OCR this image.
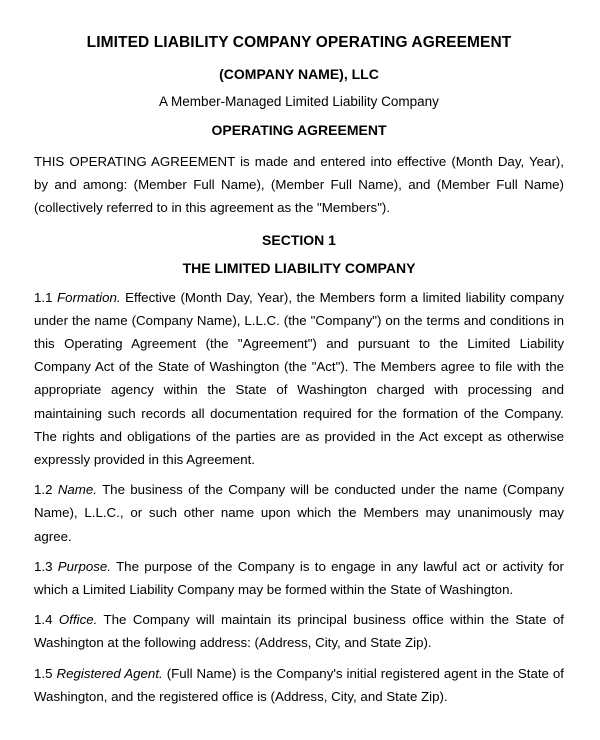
LIMITED LIABILITY COMPANY OPERATING AGREEMENT
(COMPANY NAME), LLC
A Member-Managed Limited Liability Company
OPERATING AGREEMENT

THIS OPERATING AGREEMENT is made and entered into effective (Month Day, Year), by and among: (Member Full Name), (Member Full Name), and (Member Full Name) (collectively referred to in this agreement as the "Members").

SECTION 1
THE LIMITED LIABILITY COMPANY

1.1 Formation. Effective (Month Day, Year), the Members form a limited liability company under the name (Company Name), L.L.C. (the "Company") on the terms and conditions in this Operating Agreement (the "Agreement") and pursuant to the Limited Liability Company Act of the State of Washington (the "Act"). The Members agree to file with the appropriate agency within the State of Washington charged with processing and maintaining such records all documentation required for the formation of the Company. The rights and obligations of the parties are as provided in the Act except as otherwise expressly provided in this Agreement.

1.2 Name. The business of the Company will be conducted under the name (Company Name), L.L.C., or such other name upon which the Members may unanimously may agree.

1.3 Purpose. The purpose of the Company is to engage in any lawful act or activity for which a Limited Liability Company may be formed within the State of Washington.

1.4 Office. The Company will maintain its principal business office within the State of Washington at the following address: (Address, City, and State Zip).

1.5 Registered Agent. (Full Name) is the Company's initial registered agent in the State of Washington, and the registered office is (Address, City, and State Zip).
